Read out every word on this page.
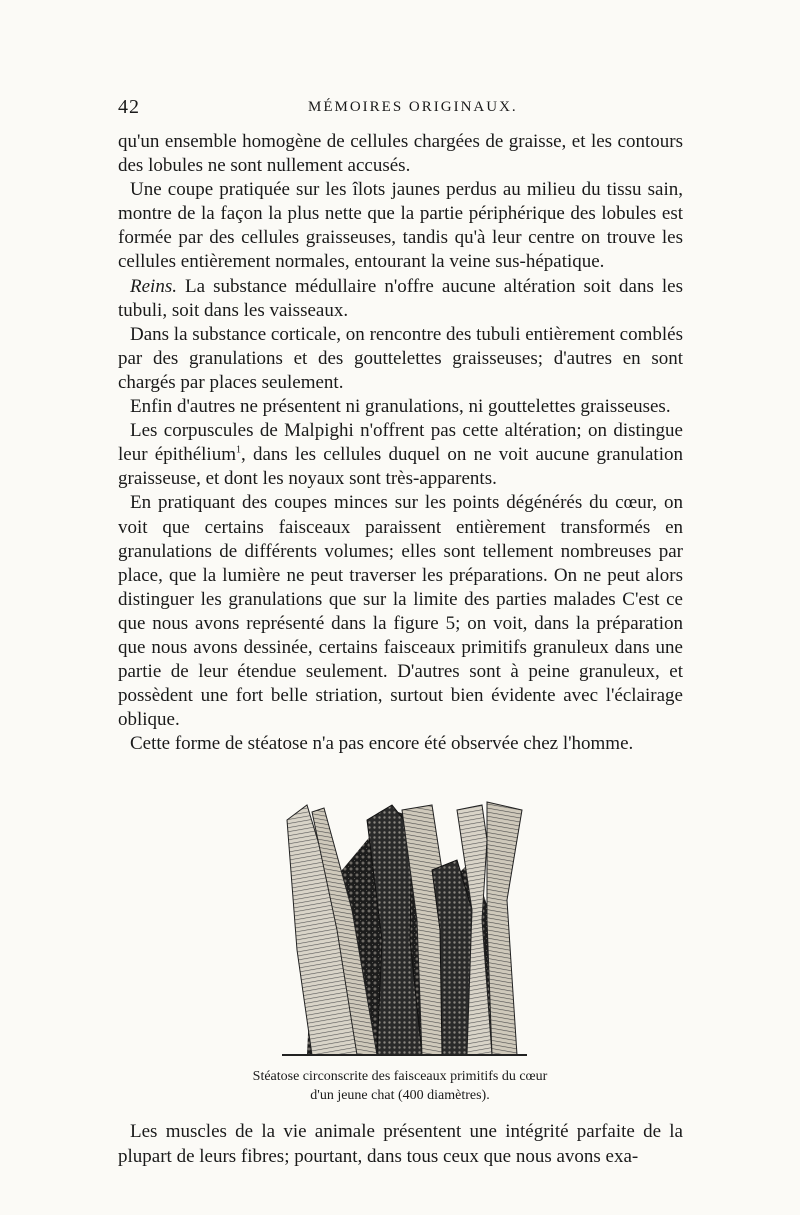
42	MÉMOIRES ORIGINAUX.

qu'un ensemble homogène de cellules chargées de graisse, et les contours des lobules ne sont nullement accusés.

Une coupe pratiquée sur les îlots jaunes perdus au milieu du tissu sain, montre de la façon la plus nette que la partie périphérique des lobules est formée par des cellules graisseuses, tandis qu'à leur centre on trouve les cellules entièrement normales, entourant la veine sus-hépatique.

Reins. La substance médullaire n'offre aucune altération soit dans les tubuli, soit dans les vaisseaux.

Dans la substance corticale, on rencontre des tubuli entièrement comblés par des granulations et des gouttelettes graisseuses; d'autres en sont chargés par places seulement.

Enfin d'autres ne présentent ni granulations, ni gouttelettes graisseuses.

Les corpuscules de Malpighi n'offrent pas cette altération; on distingue leur épithélium$^1$, dans les cellules duquel on ne voit aucune granulation graisseuse, et dont les noyaux sont très-apparents.

En pratiquant des coupes minces sur les points dégénérés du cœur, on voit que certains faisceaux paraissent entièrement transformés en granulations de différents volumes; elles sont tellement nombreuses par place, que la lumière ne peut traverser les préparations. On ne peut alors distinguer les granulations que sur la limite des parties malades C'est ce que nous avons représenté dans la figure 5; on voit, dans la préparation que nous avons dessinée, certains faisceaux primitifs granuleux dans une partie de leur étendue seulement. D'autres sont à peine granuleux, et possèdent une fort belle striation, surtout bien évidente avec l'éclairage oblique.

Cette forme de stéatose n'a pas encore été observée chez l'homme.

Stéatose circonscrite des faisceaux primitifs du cœur
d'un jeune chat (400 diamètres).

Les muscles de la vie animale présentent une intégrité parfaite de la plupart de leurs fibres; pourtant, dans tous ceux que nous avons exa-
